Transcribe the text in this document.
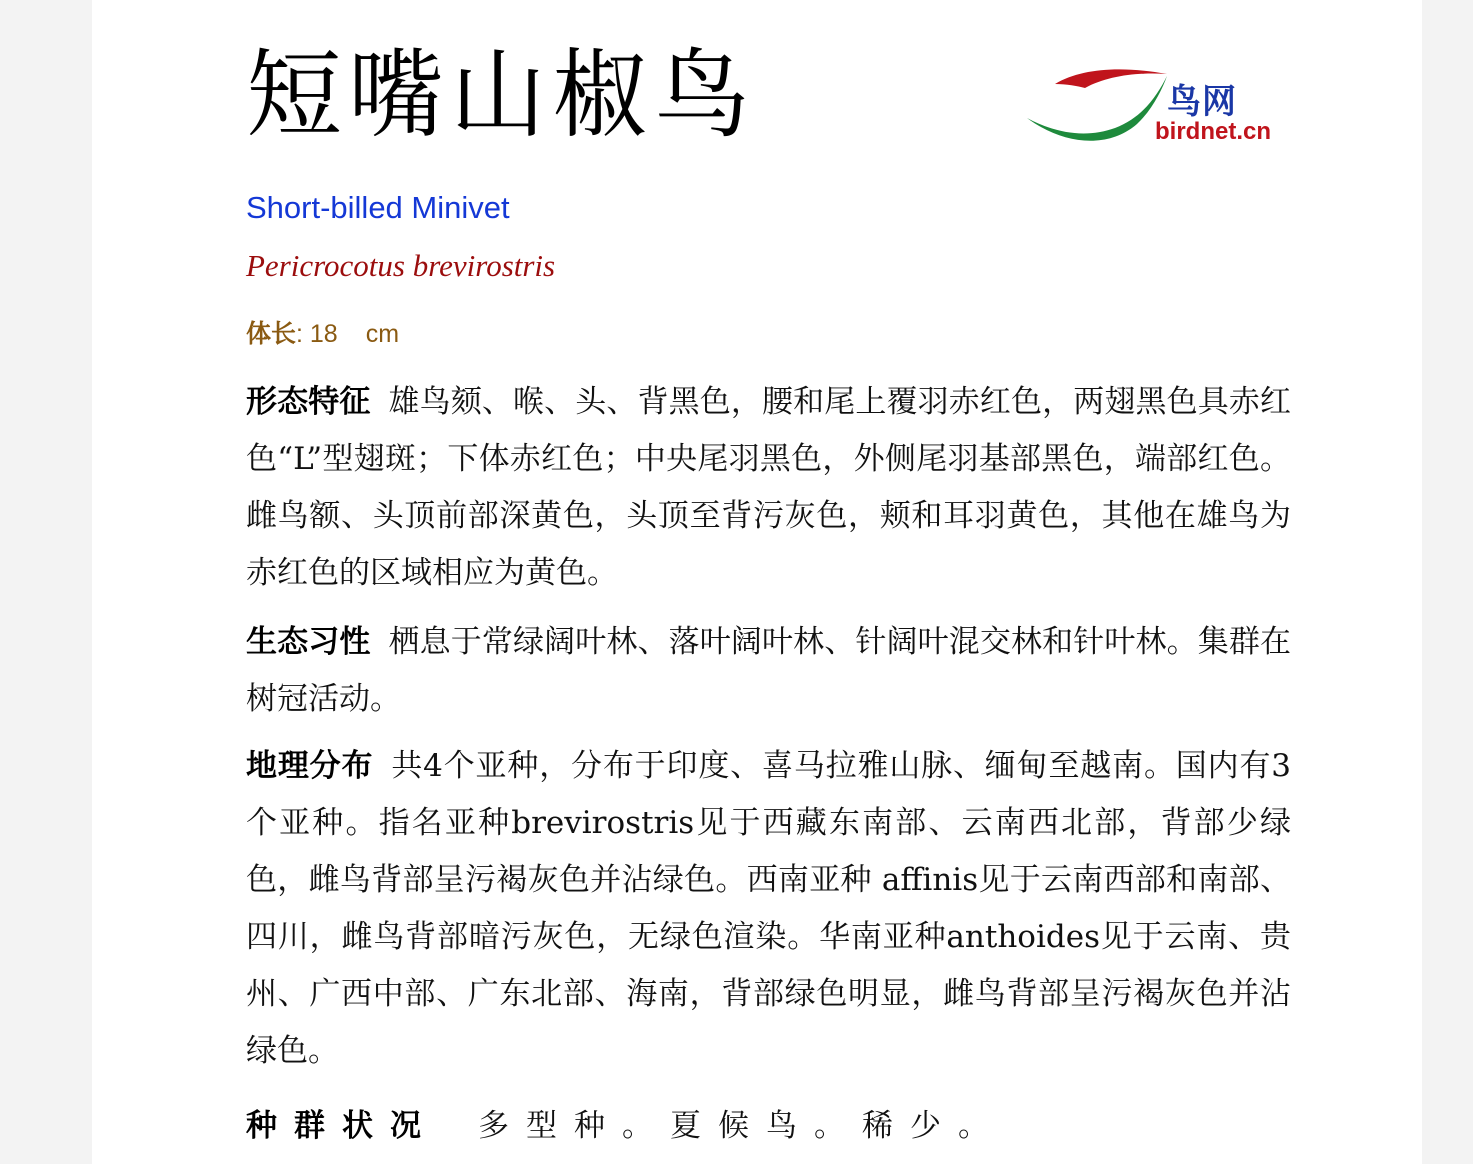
短嘴山椒鸟	鸟网
birdnet.cn
Short-billed Minivet
Pericrocotus brevirostris
体长: 18 cm

形态特征 雄鸟颏、喉、头、背黑色，腰和尾上覆羽赤红色，两翅黑色具赤红色“L”型翅斑；下体赤红色；中央尾羽黑色，外侧尾羽基部黑色，端部红色。雌鸟额、头顶前部深黄色，头顶至背污灰色，颊和耳羽黄色，其他在雄鸟为赤红色的区域相应为黄色。

生态习性 栖息于常绿阔叶林、落叶阔叶林、针阔叶混交林和针叶林。集群在树冠活动。

地理分布 共4个亚种，分布于印度、喜马拉雅山脉、缅甸至越南。国内有3个亚种。指名亚种brevirostris见于西藏东南部、云南西北部，背部少绿色，雌鸟背部呈污褐灰色并沾绿色。西南亚种 affinis见于云南西部和南部、四川，雌鸟背部暗污灰色，无绿色渲染。华南亚种anthoides见于云南、贵州、广西中部、广东北部、海南，背部绿色明显，雌鸟背部呈污褐灰色并沾绿色。

种群状况 多型种。夏候鸟。稀少。
